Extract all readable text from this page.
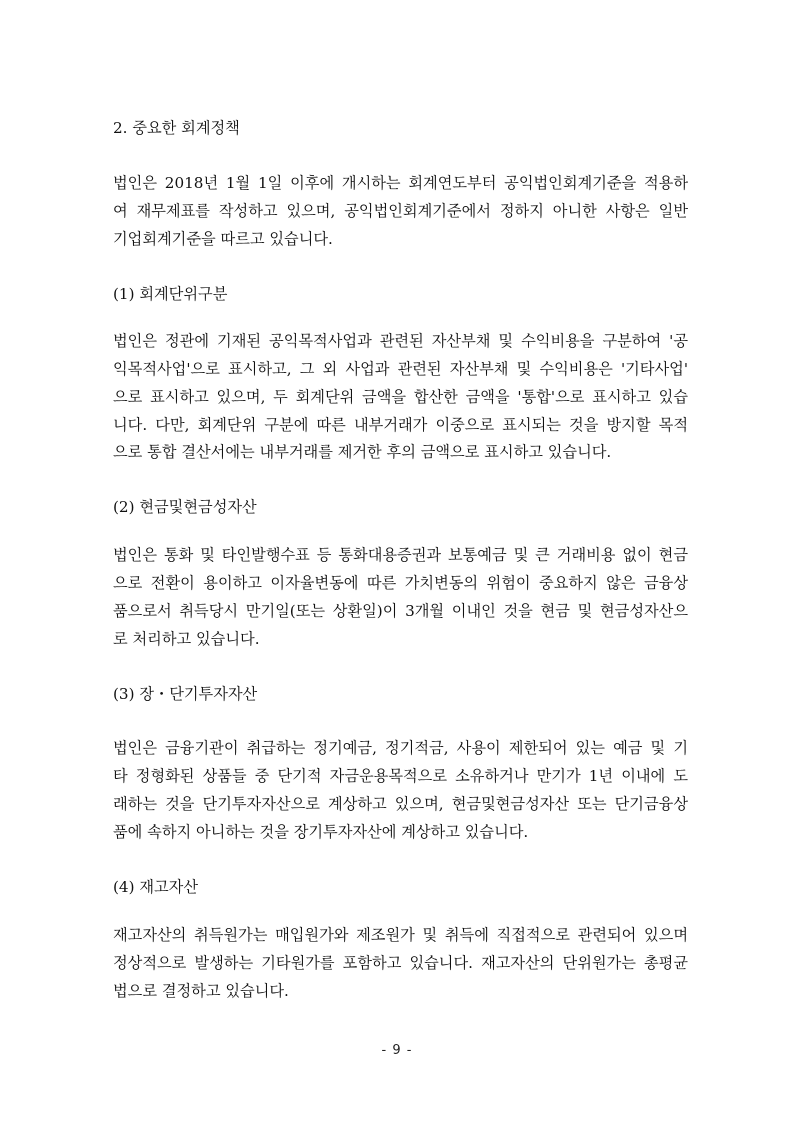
2. 중요한 회계정책
법인은 2018년 1월 1일 이후에 개시하는 회계연도부터 공익법인회계기준을 적용하
여 재무제표를 작성하고 있으며, 공익법인회계기준에서 정하지 아니한 사항은 일반
기업회계기준을 따르고 있습니다.
(1) 회계단위구분
법인은 정관에 기재된 공익목적사업과 관련된 자산부채 및 수익비용을 구분하여 '공
익목적사업'으로 표시하고, 그 외 사업과 관련된 자산부채 및 수익비용은 '기타사업'
으로 표시하고 있으며, 두 회계단위 금액을 합산한 금액을 '통합'으로 표시하고 있습
니다. 다만, 회계단위 구분에 따른 내부거래가 이중으로 표시되는 것을 방지할 목적
으로 통합 결산서에는 내부거래를 제거한 후의 금액으로 표시하고 있습니다.
(2) 현금및현금성자산
법인은 통화 및 타인발행수표 등 통화대용증권과 보통예금 및 큰 거래비용 없이 현금
으로 전환이 용이하고 이자율변동에 따른 가치변동의 위험이 중요하지 않은 금융상
품으로서 취득당시 만기일(또는 상환일)이 3개월 이내인 것을 현금 및 현금성자산으
로 처리하고 있습니다.
(3) 장・단기투자자산
법인은 금융기관이 취급하는 정기예금, 정기적금, 사용이 제한되어 있는 예금 및 기
타 정형화된 상품들 중 단기적 자금운용목적으로 소유하거나 만기가 1년 이내에 도
래하는 것을 단기투자자산으로 계상하고 있으며, 현금및현금성자산 또는 단기금융상
품에 속하지 아니하는 것을 장기투자자산에 계상하고 있습니다.
(4) 재고자산
재고자산의 취득원가는 매입원가와 제조원가 및 취득에 직접적으로 관련되어 있으며
정상적으로 발생하는 기타원가를 포함하고 있습니다. 재고자산의 단위원가는 총평균
법으로 결정하고 있습니다.
- 9 -
